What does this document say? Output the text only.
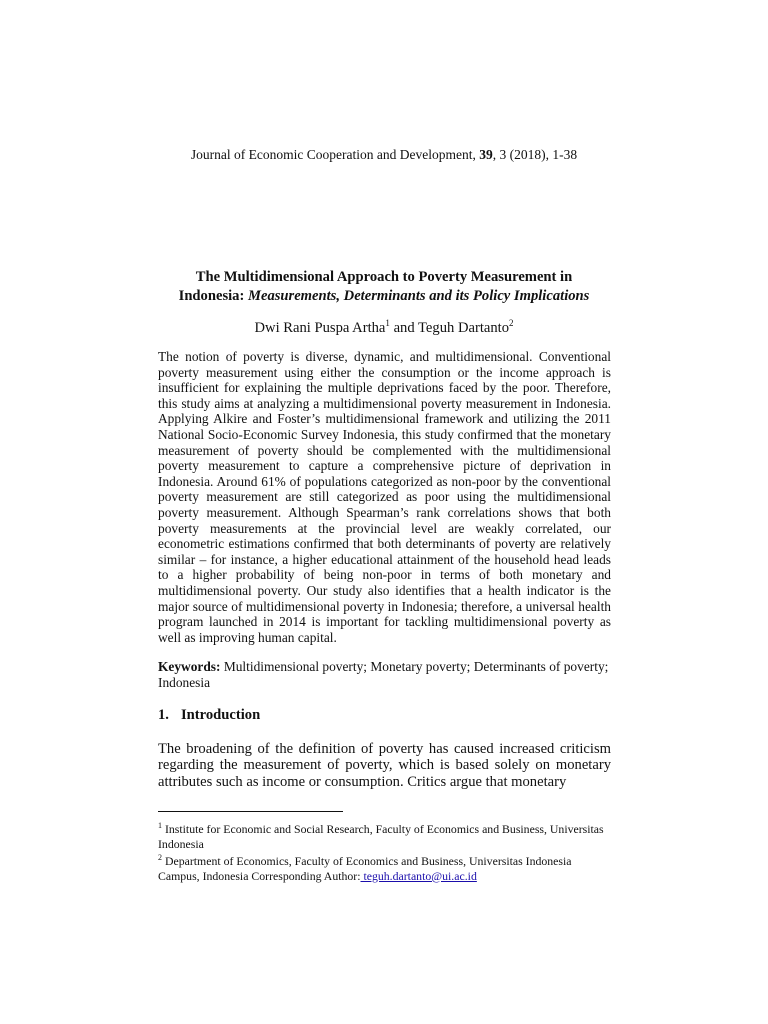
Journal of Economic Cooperation and Development, 39, 3 (2018), 1-38
The Multidimensional Approach to Poverty Measurement in
Indonesia: Measurements, Determinants and its Policy Implications
Dwi Rani Puspa Artha$^1$ and Teguh Dartanto$^2$
The notion of poverty is diverse, dynamic, and multidimensional. Conventional poverty measurement using either the consumption or the income approach is insufficient for explaining the multiple deprivations faced by the poor. Therefore, this study aims at analyzing a multidimensional poverty measurement in Indonesia. Applying Alkire and Foster’s multidimensional framework and utilizing the 2011 National Socio-Economic Survey Indonesia, this study confirmed that the monetary measurement of poverty should be complemented with the multidimensional poverty measurement to capture a comprehensive picture of deprivation in Indonesia. Around 61% of populations categorized as non-poor by the conventional poverty measurement are still categorized as poor using the multidimensional poverty measurement. Although Spearman’s rank correlations shows that both poverty measurements at the provincial level are weakly correlated, our econometric estimations confirmed that both determinants of poverty are relatively similar – for instance, a higher educational attainment of the household head leads to a higher probability of being non-poor in terms of both monetary and multidimensional poverty. Our study also identifies that a health indicator is the major source of multidimensional poverty in Indonesia; therefore, a universal health program launched in 2014 is important for tackling multidimensional poverty as well as improving human capital.
Keywords: Multidimensional poverty; Monetary poverty; Determinants of poverty; Indonesia
1. Introduction
The broadening of the definition of poverty has caused increased criticism regarding the measurement of poverty, which is based solely on monetary attributes such as income or consumption. Critics argue that monetary
$^1$ Institute for Economic and Social Research, Faculty of Economics and Business, Universitas Indonesia
$^2$ Department of Economics, Faculty of Economics and Business, Universitas Indonesia Campus, Indonesia Corresponding Author: teguh.dartanto@ui.ac.id
